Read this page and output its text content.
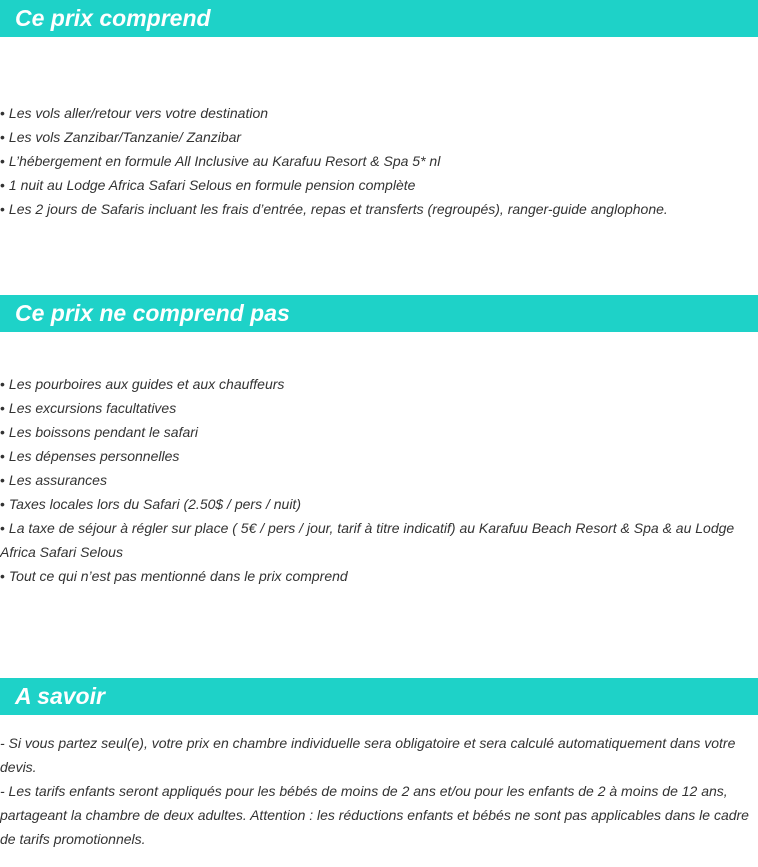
Ce prix comprend
• Les vols aller/retour vers votre destination
• Les vols Zanzibar/Tanzanie/ Zanzibar
• L’hébergement en formule All Inclusive au Karafuu Resort & Spa 5* nl
• 1 nuit au Lodge Africa Safari Selous en formule pension complète
• Les 2 jours de Safaris incluant les frais d’entrée, repas et transferts (regroupés), ranger-guide anglophone.
Ce prix ne comprend pas
• Les pourboires aux guides et aux chauffeurs
• Les excursions facultatives
• Les boissons pendant le safari
• Les dépenses personnelles
• Les assurances
• Taxes locales lors du Safari (2.50$ / pers / nuit)
• La taxe de séjour à régler sur place ( 5€ / pers / jour, tarif à titre indicatif) au Karafuu Beach Resort & Spa & au Lodge Africa Safari Selous
• Tout ce qui n’est pas mentionné dans le prix comprend
A savoir
- Si vous partez seul(e), votre prix en chambre individuelle sera obligatoire et sera calculé automatiquement dans votre devis.
- Les tarifs enfants seront appliqués pour les bébés de moins de 2 ans et/ou pour les enfants de 2 à moins de 12 ans, partageant la chambre de deux adultes. Attention : les réductions enfants et bébés ne sont pas applicables dans le cadre de tarifs promotionnels.
